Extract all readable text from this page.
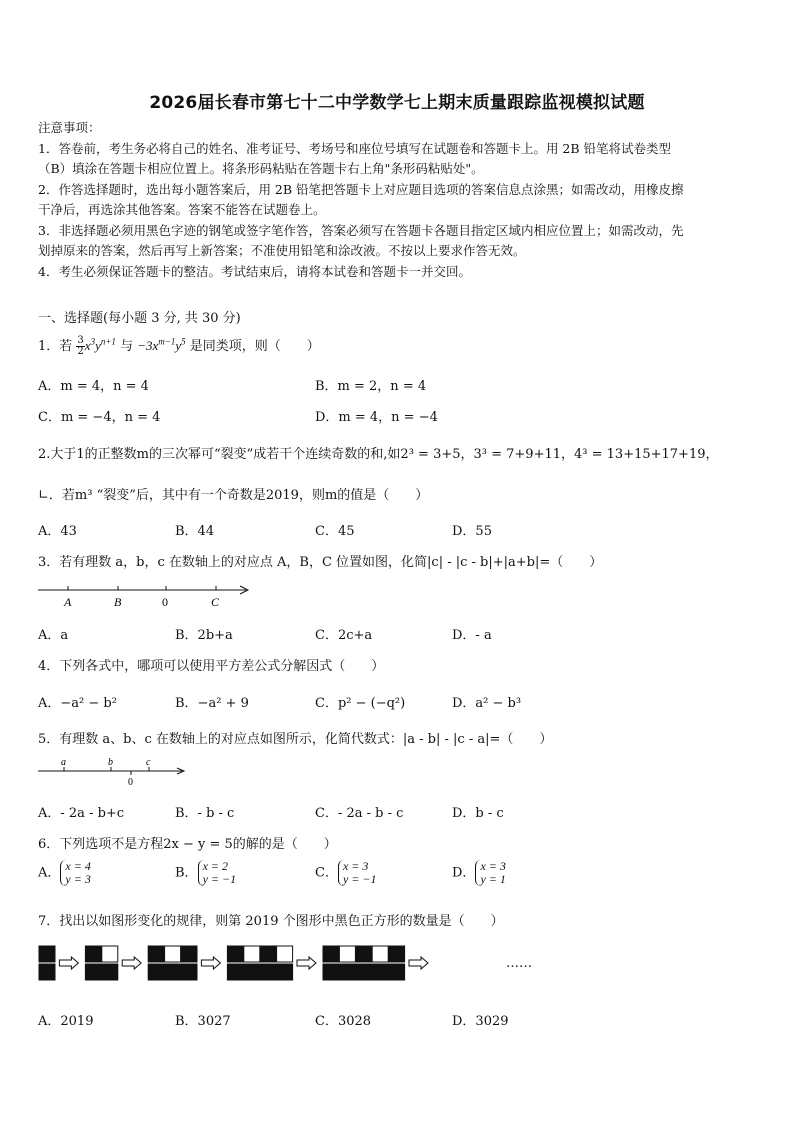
2026届长春市第七十二中学数学七上期末质量跟踪监视模拟试题
注意事项：
1．答卷前，考生务必将自己的姓名、准考证号、考场号和座位号填写在试题卷和答题卡上。用 2B 铅笔将试卷类型
（B）填涂在答题卡相应位置上。将条形码粘贴在答题卡右上角"条形码粘贴处"。
2．作答选择题时，选出每小题答案后，用 2B 铅笔把答题卡上对应题目选项的答案信息点涂黑；如需改动，用橡皮擦
干净后，再选涂其他答案。答案不能答在试题卷上。
3．非选择题必须用黑色字迹的钢笔或签字笔作答，答案必须写在答题卡各题目指定区域内相应位置上；如需改动，先
划掉原来的答案，然后再写上新答案；不准使用铅笔和涂改液。不按以上要求作答无效。
4．考生必须保证答题卡的整洁。考试结束后，请将本试卷和答题卡一并交回。
一、选择题(每小题 3 分, 共 30 分)
1．若 $\frac{3}{2} x^3y^{n+1}$ 与 $-3x^{m-1}y^5$ 是同类项，则（　　）
A．m = 4，n = 4	B．m = 2，n = 4
C．m = −4，n = 4	D．m = 4，n = −4
2.大于1的正整数m的三次幂可“裂变”成若干个连续奇数的和,如2³ = 3+5，3³ = 7+9+11，4³ = 13+15+17+19，
∟．若m³ “裂变”后，其中有一个奇数是2019，则m的值是（　　）
A．43	B．44	C．45	D．55
3．若有理数 a，b，c 在数轴上的对应点 A，B，C 位置如图，化简|c| - |c - b|+|a+b|=（　　）
A	B	0	C
A．a	B．2b+a	C．2c+a	D．- a
4．下列各式中，哪项可以使用平方差公式分解因式（　　）
A．−a² − b²	B．−a² + 9	C．p² − (−q²)	D．a² − b³
5．有理数 a、b、c 在数轴上的对应点如图所示，化简代数式：|a - b| - |c - a|=（　　）
a	b	c
0
A．- 2a - b+c	B．- b - c	C．- 2a - b - c	D．b - c
6．下列选项不是方程2x − y = 5的解的是（　　）
A． x = 4
y = 3	B． x = 2
y = −1	C． x = 3
y = −1	D． x = 3
y = 1
7．找出以如图形变化的规律，则第 2019 个图形中黑色正方形的数量是（　　）
……
A．2019	B．3027	C．3028	D．3029
